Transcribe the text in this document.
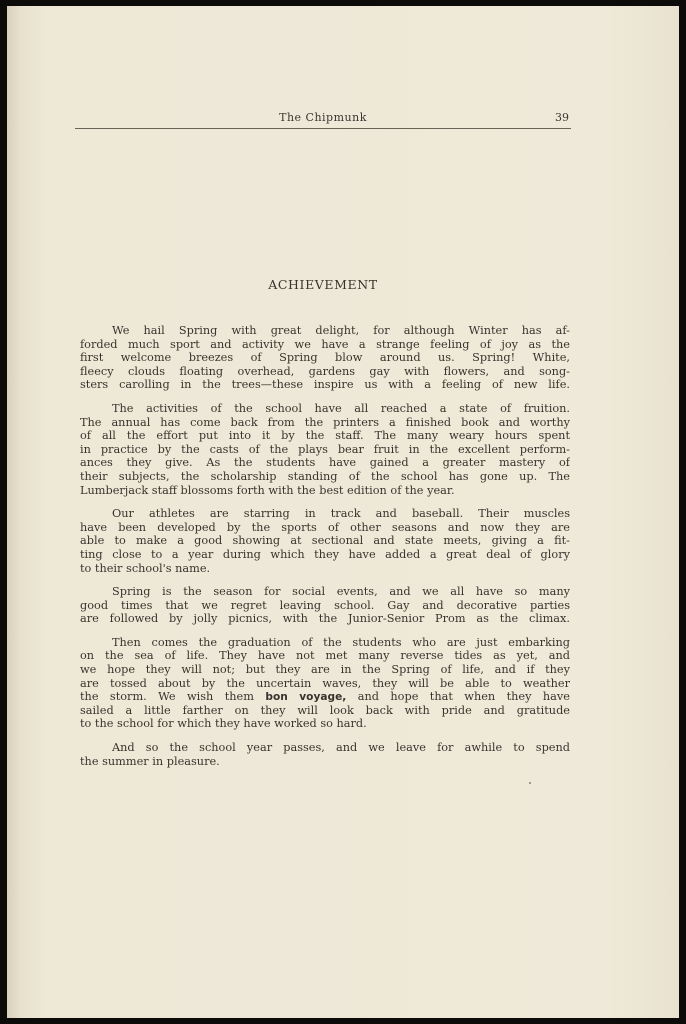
The Chipmunk	39
ACHIEVEMENT
We hail Spring with great delight, for although Winter has af-
forded much sport and activity we have a strange feeling of joy as the
first welcome breezes of Spring blow around us. Spring! White,
fleecy clouds floating overhead, gardens gay with flowers, and song-
sters carolling in the trees—these inspire us with a feeling of new life.
The activities of the school have all reached a state of fruition.
The annual has come back from the printers a finished book and worthy
of all the effort put into it by the staff. The many weary hours spent
in practice by the casts of the plays bear fruit in the excellent perform-
ances they give. As the students have gained a greater mastery of
their subjects, the scholarship standing of the school has gone up. The
Lumberjack staff blossoms forth with the best edition of the year.
Our athletes are starring in track and baseball. Their muscles
have been developed by the sports of other seasons and now they are
able to make a good showing at sectional and state meets, giving a fit-
ting close to a year during which they have added a great deal of glory
to their school's name.
Spring is the season for social events, and we all have so many
good times that we regret leaving school. Gay and decorative parties
are followed by jolly picnics, with the Junior-Senior Prom as the climax.
Then comes the graduation of the students who are just embarking
on the sea of life. They have not met many reverse tides as yet, and
we hope they will not; but they are in the Spring of life, and if they
are tossed about by the uncertain waves, they will be able to weather
the storm. We wish them bon voyage, and hope that when they have
sailed a little farther on they will look back with pride and gratitude
to the school for which they have worked so hard.
And so the school year passes, and we leave for awhile to spend
the summer in pleasure.
